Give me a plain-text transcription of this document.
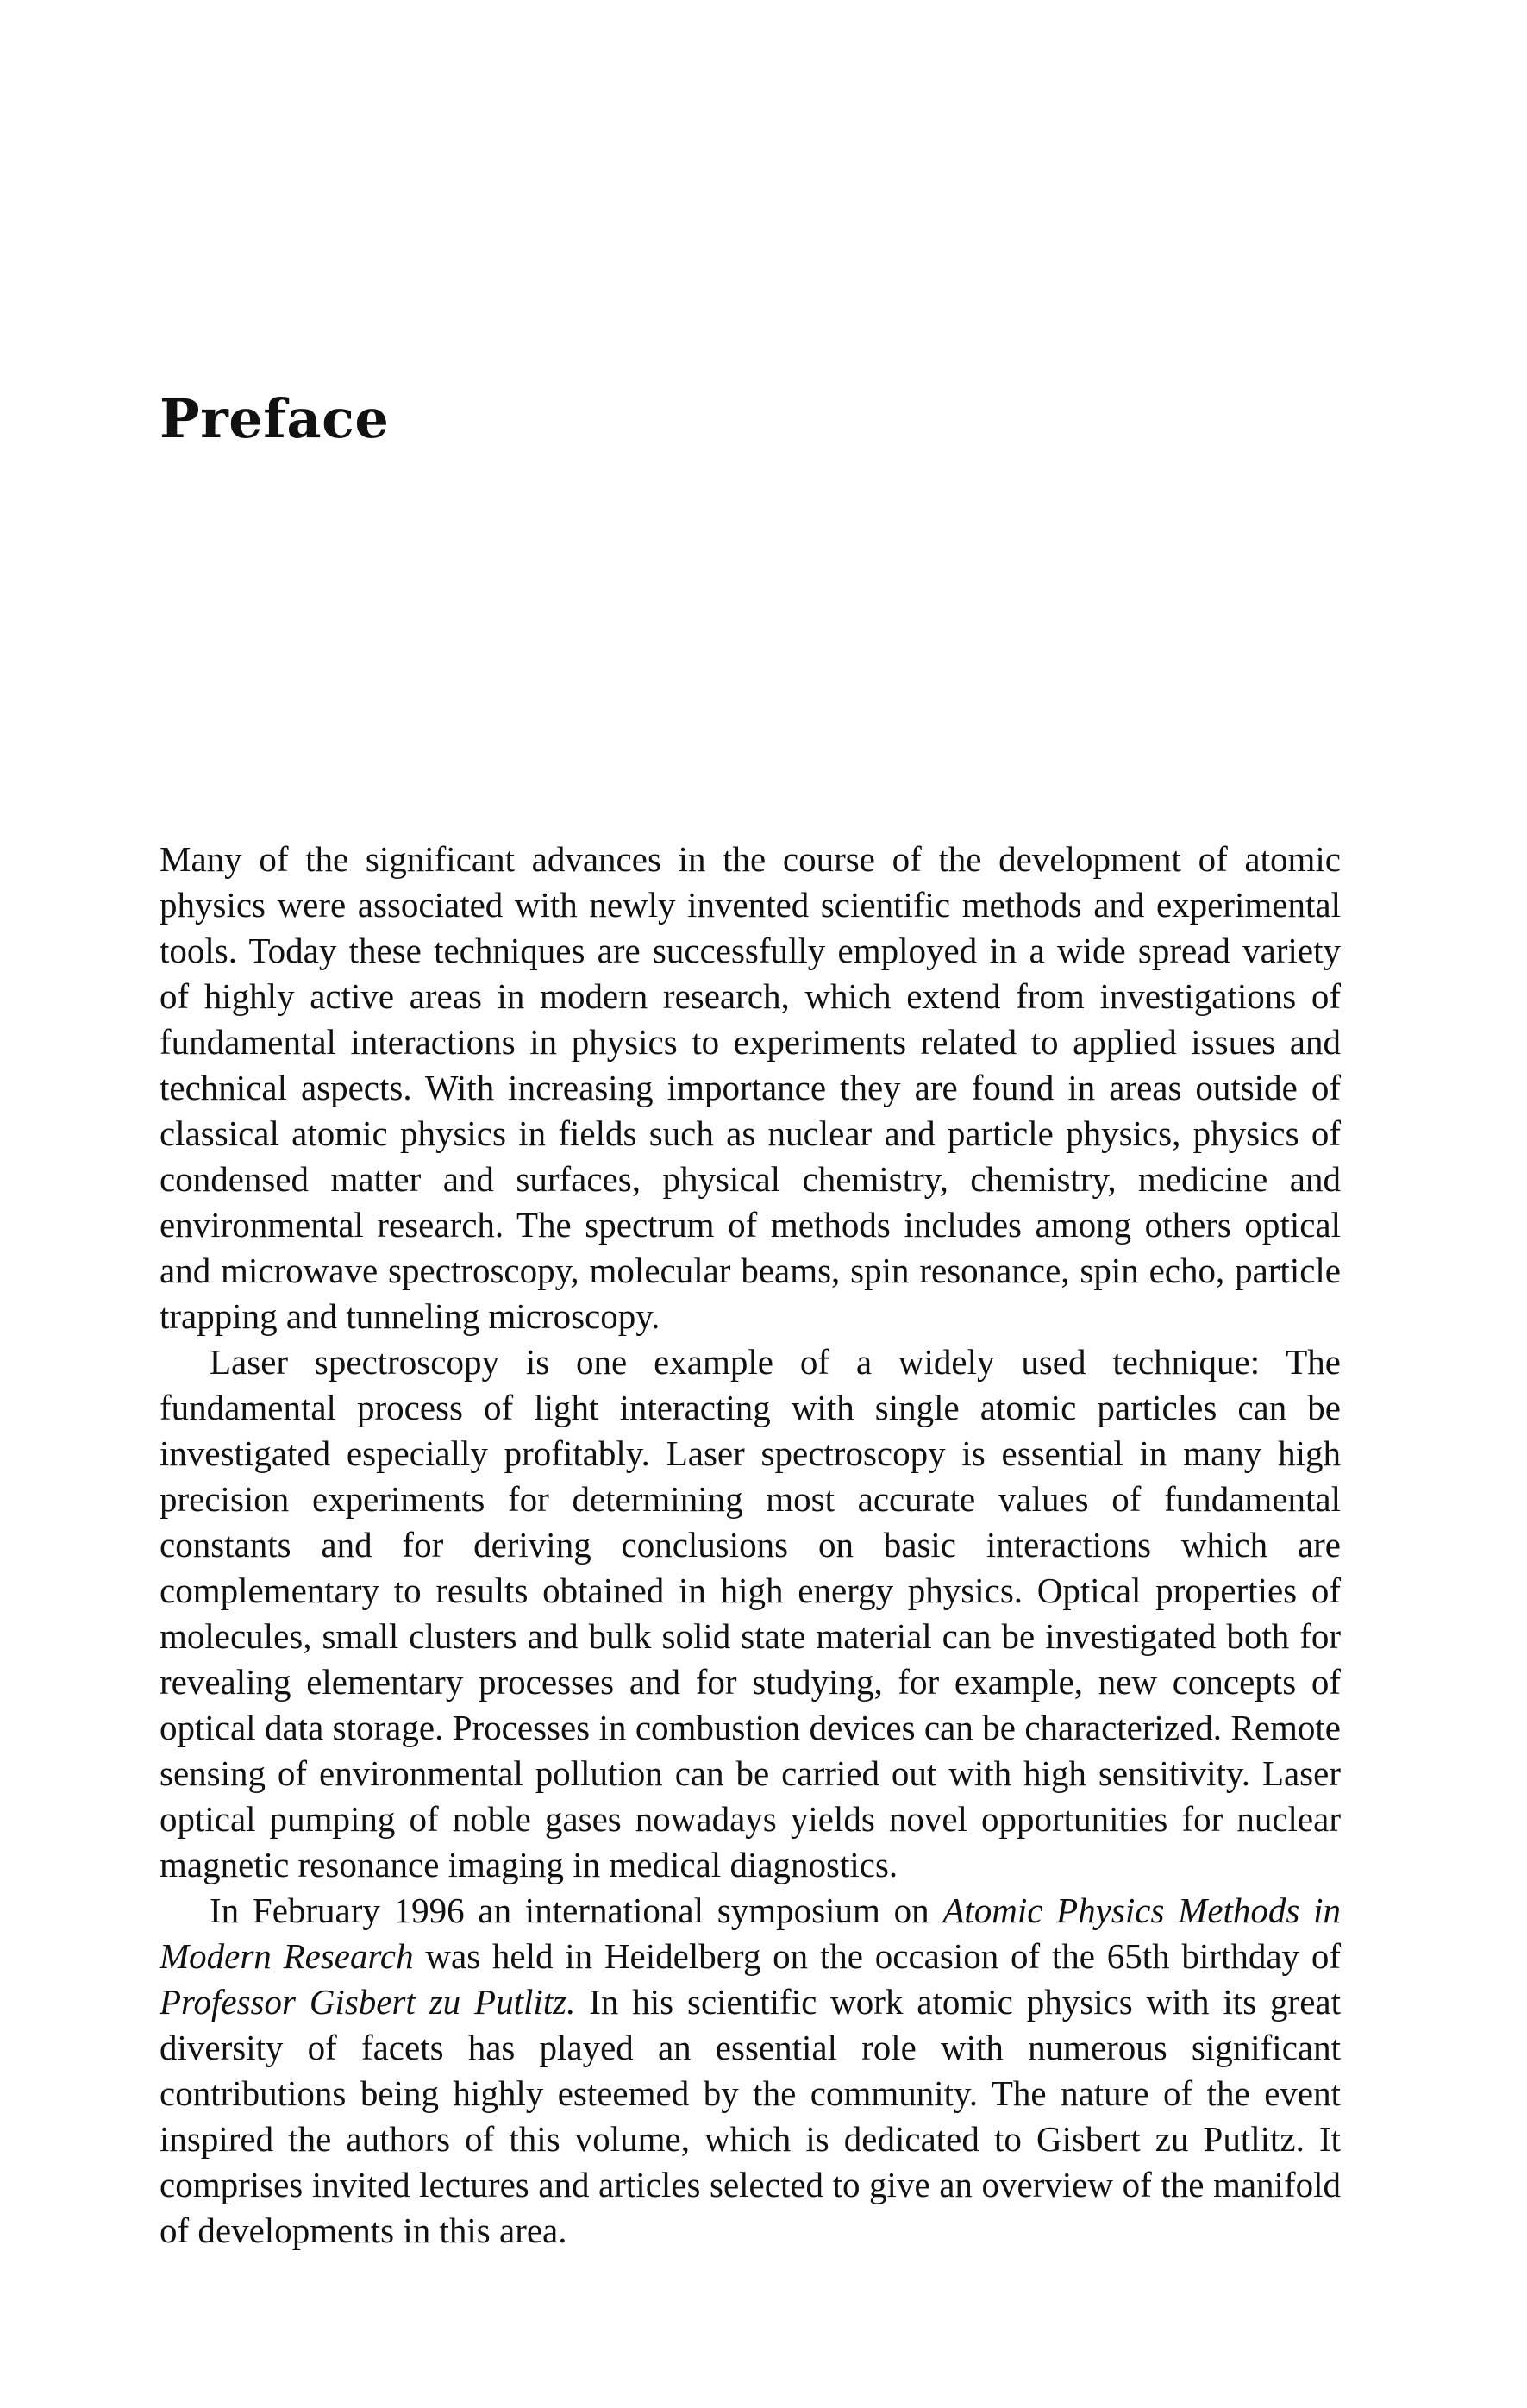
Preface

Many of the significant advances in the course of the development of atomic physics were associated with newly invented scientific methods and experimental tools. Today these techniques are successfully employed in a wide spread variety of highly active areas in modern research, which extend from investigations of fundamental interactions in physics to experiments related to applied issues and technical aspects. With increasing importance they are found in areas outside of classical atomic physics in fields such as nuclear and particle physics, physics of condensed matter and surfaces, physical chemistry, chemistry, medicine and environmental research. The spectrum of methods includes among others optical and microwave spectroscopy, molecular beams, spin resonance, spin echo, particle trapping and tunneling microscopy.

Laser spectroscopy is one example of a widely used technique: The fundamental process of light interacting with single atomic particles can be investigated especially profitably. Laser spectroscopy is essential in many high precision experiments for determining most accurate values of fundamental constants and for deriving conclusions on basic interactions which are complementary to results obtained in high energy physics. Optical properties of molecules, small clusters and bulk solid state material can be investigated both for revealing elementary processes and for studying, for example, new concepts of optical data storage. Processes in combustion devices can be characterized. Remote sensing of environmental pollution can be carried out with high sensitivity. Laser optical pumping of noble gases nowadays yields novel opportunities for nuclear magnetic resonance imaging in medical diagnostics.

In February 1996 an international symposium on Atomic Physics Methods in Modern Research was held in Heidelberg on the occasion of the 65th birthday of Professor Gisbert zu Putlitz. In his scientific work atomic physics with its great diversity of facets has played an essential role with numerous significant contributions being highly esteemed by the community. The nature of the event inspired the authors of this volume, which is dedicated to Gisbert zu Putlitz. It comprises invited lectures and articles selected to give an overview of the manifold of developments in this area.
